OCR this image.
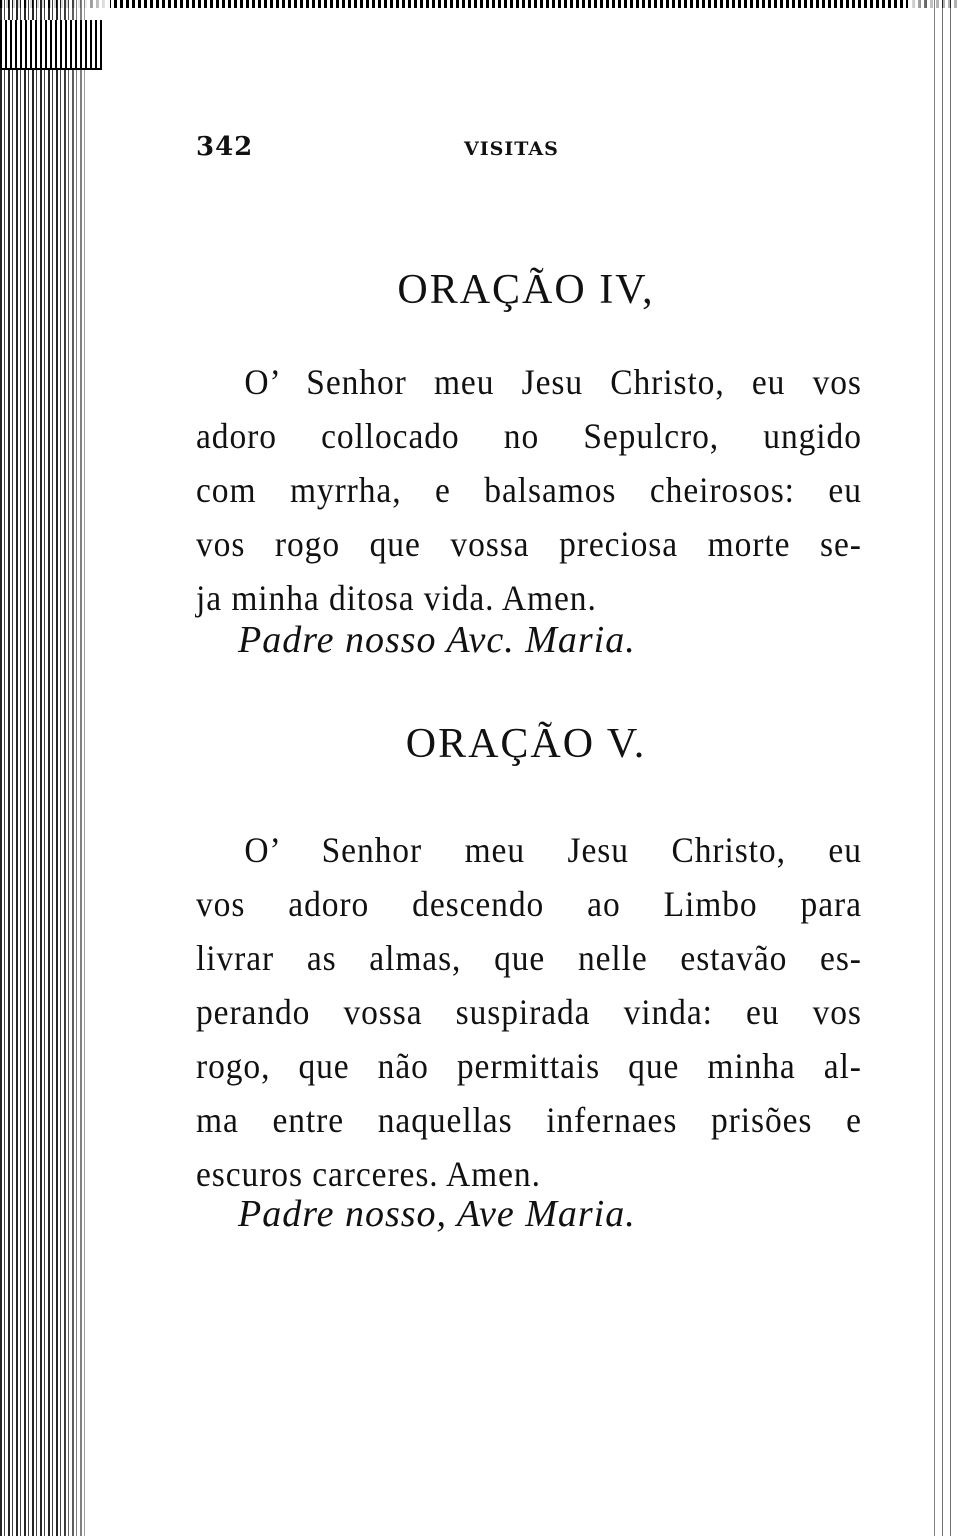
342	VISITAS
ORAÇÃO IV,
O’ Senhor meu Jesu Christo, eu vos
adoro collocado no Sepulcro, ungido
com myrrha, e balsamos cheirosos: eu
vos rogo que vossa preciosa morte se-
ja minha ditosa vida. Amen.
Padre nosso Avc. Maria.
ORAÇÃO V.
O’ Senhor meu Jesu Christo, eu
vos adoro descendo ao Limbo para
livrar as almas, que nelle estavão es-
perando vossa suspirada vinda: eu vos
rogo, que não permittais que minha al-
ma entre naquellas infernaes prisões e
escuros carceres. Amen.
Padre nosso, Ave Maria.
